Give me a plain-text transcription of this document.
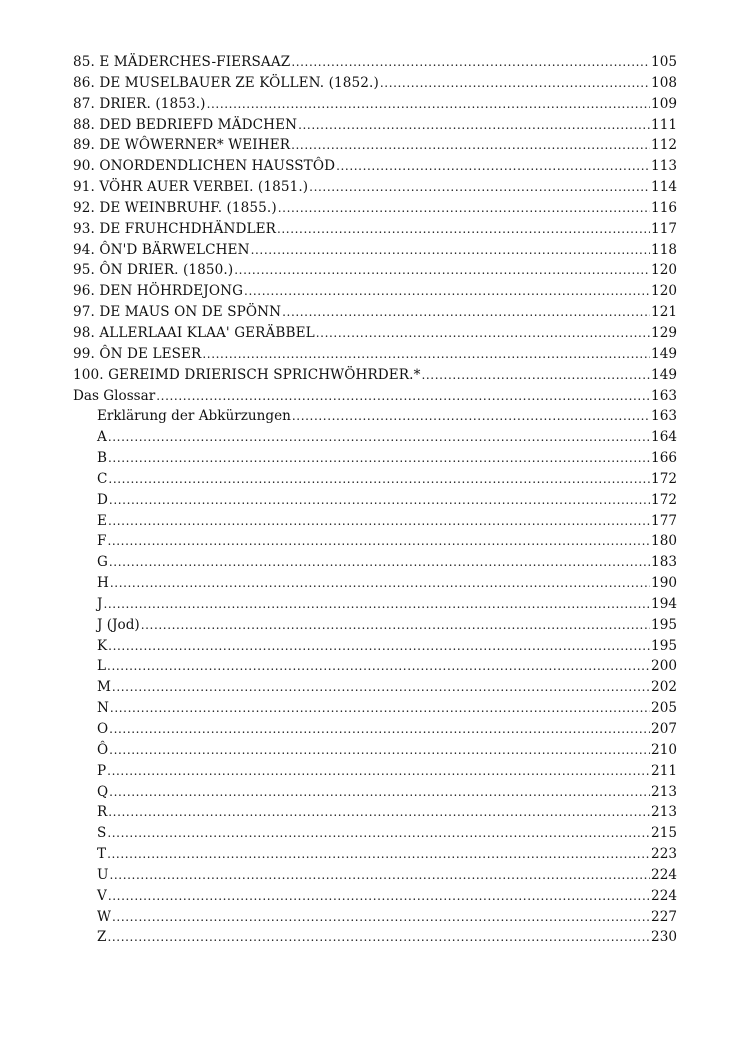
85. E MÄDERCHES-FIERSAAZ .....	105
86. DE MUSELBAUER ZE KÖLLEN. (1852.) .....	108
87. DRIER. (1853.) .....	109
88. DED BEDRIEFD MÄDCHEN .....	111
89. DE WÔWERNER* WEIHER .....	112
90. ONORDENDLICHEN HAUSSTÔD .....	113
91. VÖHR AUER VERBEI. (1851.) .....	114
92. DE WEINBRUHF. (1855.) .....	116
93. DE FRUHCHDHÄNDLER .....	117
94. ÔN'D BÄRWELCHEN .....	118
95. ÔN DRIER. (1850.) .....	120
96. DEN HÖHRDEJONG .....	120
97. DE MAUS ON DE SPÖNN .....	121
98. ALLERLAAI KLAA' GERÄBBEL .....	129
99. ÔN DE LESER .....	149
100. GEREIMD DRIERISCH SPRICHWÖHRDER.* .....	149
Das Glossar .....	163
Erklärung der Abkürzungen .....	163
A .....	164
B .....	166
C .....	172
D .....	172
E .....	177
F .....	180
G .....	183
H .....	190
J .....	194
J (Jod) .....	195
K .....	195
L .....	200
M .....	202
N .....	205
O .....	207
Ô .....	210
P .....	211
Q .....	213
R .....	213
S .....	215
T .....	223
U .....	224
V .....	224
W .....	227
Z .....	230
